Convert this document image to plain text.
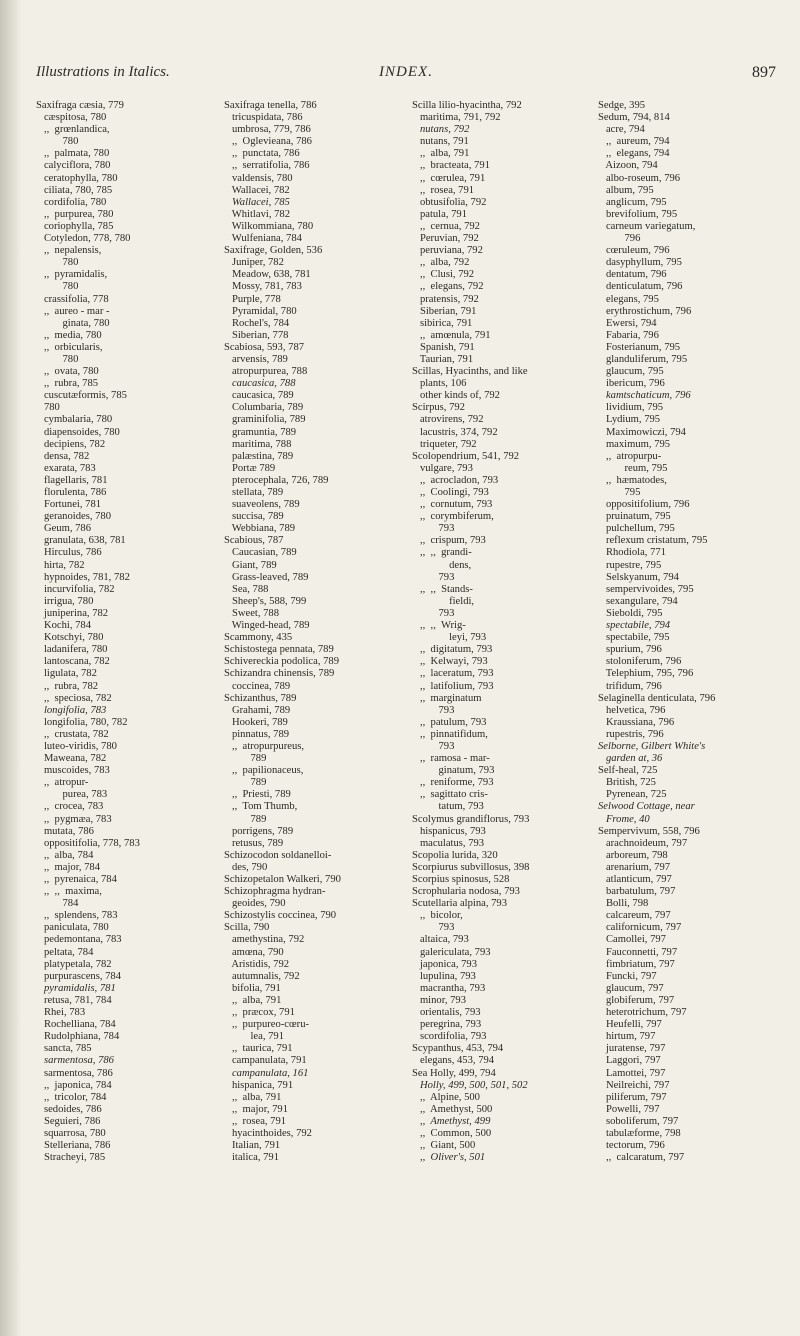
Illustrations in Italics.	INDEX.	897
Saxifraga cæsia, 779
cæspitosa, 780
,,  grœnlandica,
780
,,  palmata, 780
calyciflora, 780
ceratophylla, 780
ciliata, 780, 785
cordifolia, 780
,,  purpurea, 780
coriophylla, 785
Cotyledon, 778, 780
,,  nepalensis,
780
,,  pyramidalis,
780
crassifolia, 778
,,  aureo - mar -
ginata, 780
,,  media, 780
,,  orbicularis,
780
,,  ovata, 780
,,  rubra, 785
cuscutæformis, 785
780
cymbalaria, 780
diapensoides, 780
decipiens, 782
densa, 782
exarata, 783
flagellaris, 781
florulenta, 786
Fortunei, 781
geranoides, 780
Geum, 786
granulata, 638, 781
Hirculus, 786
hirta, 782
hypnoides, 781, 782
incurvifolia, 782
irrigua, 780
juniperina, 782
Kochi, 784
Kotschyi, 780
ladanifera, 780
lantoscana, 782
ligulata, 782
,,  rubra, 782
,,  speciosa, 782
longifolia, 783
longifolia, 780, 782
,,  crustata, 782
luteo-viridis, 780
Maweana, 782
muscoides, 783
,,  atropur-
purea, 783
,,  crocea, 783
,,  pygmæa, 783
mutata, 786
oppositifolia, 778, 783
,,  alba, 784
,,  major, 784
,,  pyrenaica, 784
,,  ,,  maxima,
784
,,  splendens, 783
paniculata, 780
pedemontana, 783
peltata, 784
platypetala, 782
purpurascens, 784
pyramidalis, 781
retusa, 781, 784
Rhei, 783
Rochelliana, 784
Rudolphiana, 784
sancta, 785
sarmentosa, 786
sarmentosa, 786
,,  japonica, 784
,,  tricolor, 784
sedoides, 786
Seguieri, 786
squarrosa, 780
Stelleriana, 786
Stracheyi, 785
Saxifraga tenella, 786
tricuspidata, 786
umbrosa, 779, 786
,,  Oglevieana, 786
,,  punctata, 786
,,  serratifolia, 786
valdensis, 780
Wallacei, 782
Wallacei, 785
Whitlavi, 782
Wilkommiana, 780
Wulfeniana, 784
Saxifrage, Golden, 536
Juniper, 782
Meadow, 638, 781
Mossy, 781, 783
Purple, 778
Pyramidal, 780
Rochel's, 784
Siberian, 778
Scabiosa, 593, 787
arvensis, 789
atropurpurea, 788
caucasica, 788
caucasica, 789
Columbaria, 789
graminifolia, 789
gramuntia, 789
maritima, 788
palæstina, 789
Portæ 789
pterocephala, 726, 789
stellata, 789
suaveolens, 789
succisa, 789
Webbiana, 789
Scabious, 787
Caucasian, 789
Giant, 789
Grass-leaved, 789
Sea, 788
Sheep's, 588, 799
Sweet, 788
Winged-head, 789
Scammony, 435
Schistostega pennata, 789
Schivereckia podolica, 789
Schizandra chinensis, 789
coccinea, 789
Schizanthus, 789
Grahami, 789
Hookeri, 789
pinnatus, 789
,,  atropurpureus,
789
,,  papilionaceus,
789
,,  Priesti, 789
,,  Tom Thumb,
789
porrigens, 789
retusus, 789
Schizocodon soldanelloi-
des, 790
Schizopetalon Walkeri, 790
Schizophragma hydran-
geoides, 790
Schizostylis coccinea, 790
Scilla, 790
amethystina, 792
amœna, 790
Aristidis, 792
autumnalis, 792
bifolia, 791
,,  alba, 791
,,  præcox, 791
,,  purpureo-cœru-
lea, 791
,,  taurica, 791
campanulata, 791
campanulata, 161
hispanica, 791
,,  alba, 791
,,  major, 791
,,  rosea, 791
hyacinthoides, 792
Italian, 791
italica, 791
Scilla lilio-hyacintha, 792
maritima, 791, 792
nutans, 792
nutans, 791
,,  alba, 791
,,  bracteata, 791
,,  cœrulea, 791
,,  rosea, 791
obtusifolia, 792
patula, 791
,,  cernua, 792
Peruvian, 792
peruviana, 792
,,  alba, 792
,,  Clusi, 792
,,  elegans, 792
pratensis, 792
Siberian, 791
sibirica, 791
,,  amœnula, 791
Spanish, 791
Taurian, 791
Scillas, Hyacinths, and like
plants, 106
other kinds of, 792
Scirpus, 792
atrovirens, 792
lacustris, 374, 792
triqueter, 792
Scolopendrium, 541, 792
vulgare, 793
,,  acrocladon, 793
,,  Coolingi, 793
,,  cornutum, 793
,,  corymbiferum,
793
,,  crispum, 793
,,  ,,  grandi-
dens,
793
,,  ,,  Stands-
fieldi,
793
,,  ,,  Wrig-
leyi, 793
,,  digitatum, 793
,,  Kelwayi, 793
,,  laceratum, 793
,,  latifolium, 793
,,  marginatum
793
,,  patulum, 793
,,  pinnatifidum,
793
,,  ramosa - mar-
ginatum, 793
,,  reniforme, 793
,,  sagittato cris-
tatum, 793
Scolymus grandiflorus, 793
hispanicus, 793
maculatus, 793
Scopolia lurida, 320
Scorpiurus subvillosus, 398
Scorpius spinosus, 528
Scrophularia nodosa, 793
Scutellaria alpina, 793
,,  bicolor,
793
altaica, 793
galericulata, 793
japonica, 793
lupulina, 793
macrantha, 793
minor, 793
orientalis, 793
peregrina, 793
scordifolia, 793
Scypanthus, 453, 794
elegans, 453, 794
Sea Holly, 499, 794
Holly, 499, 500, 501, 502
,,  Alpine, 500
,,  Amethyst, 500
,,  Amethyst, 499
,,  Common, 500
,,  Giant, 500
,,  Oliver's, 501
Sedge, 395
Sedum, 794, 814
acre, 794
,,  aureum, 794
,,  elegans, 794
Aizoon, 794
albo-roseum, 796
album, 795
anglicum, 795
brevifolium, 795
carneum variegatum,
796
cœruleum, 796
dasyphyllum, 795
dentatum, 796
denticulatum, 796
elegans, 795
erythrostichum, 796
Ewersi, 794
Fabaria, 796
Fosterianum, 795
glanduliferum, 795
glaucum, 795
ibericum, 796
kamtschaticum, 796
lividium, 795
Lydium, 795
Maximowiczi, 794
maximum, 795
,,  atropurpu-
reum, 795
,,  hæmatodes,
795
oppositifolium, 796
pruinatum, 795
pulchellum, 795
reflexum cristatum, 795
Rhodiola, 771
rupestre, 795
Selskyanum, 794
sempervivoides, 795
sexangulare, 794
Sieboldi, 795
spectabile, 794
spectabile, 795
spurium, 796
stoloniferum, 796
Telephium, 795, 796
trifidum, 796
Selaginella denticulata, 796
helvetica, 796
Kraussiana, 796
rupestris, 796
Selborne, Gilbert White's
garden at, 36
Self-heal, 725
British, 725
Pyrenean, 725
Selwood Cottage, near
Frome, 40
Sempervivum, 558, 796
arachnoideum, 797
arboreum, 798
arenarium, 797
atlanticum, 797
barbatulum, 797
Bolli, 798
calcareum, 797
californicum, 797
Camollei, 797
Fauconnetti, 797
fimbriatum, 797
Funcki, 797
glaucum, 797
globiferum, 797
heterotrichum, 797
Heufelli, 797
hirtum, 797
juratense, 797
Laggori, 797
Lamottei, 797
Neilreichi, 797
piliferum, 797
Powelli, 797
soboliferum, 797
tabulæforme, 798
tectorum, 796
,,  calcaratum, 797
